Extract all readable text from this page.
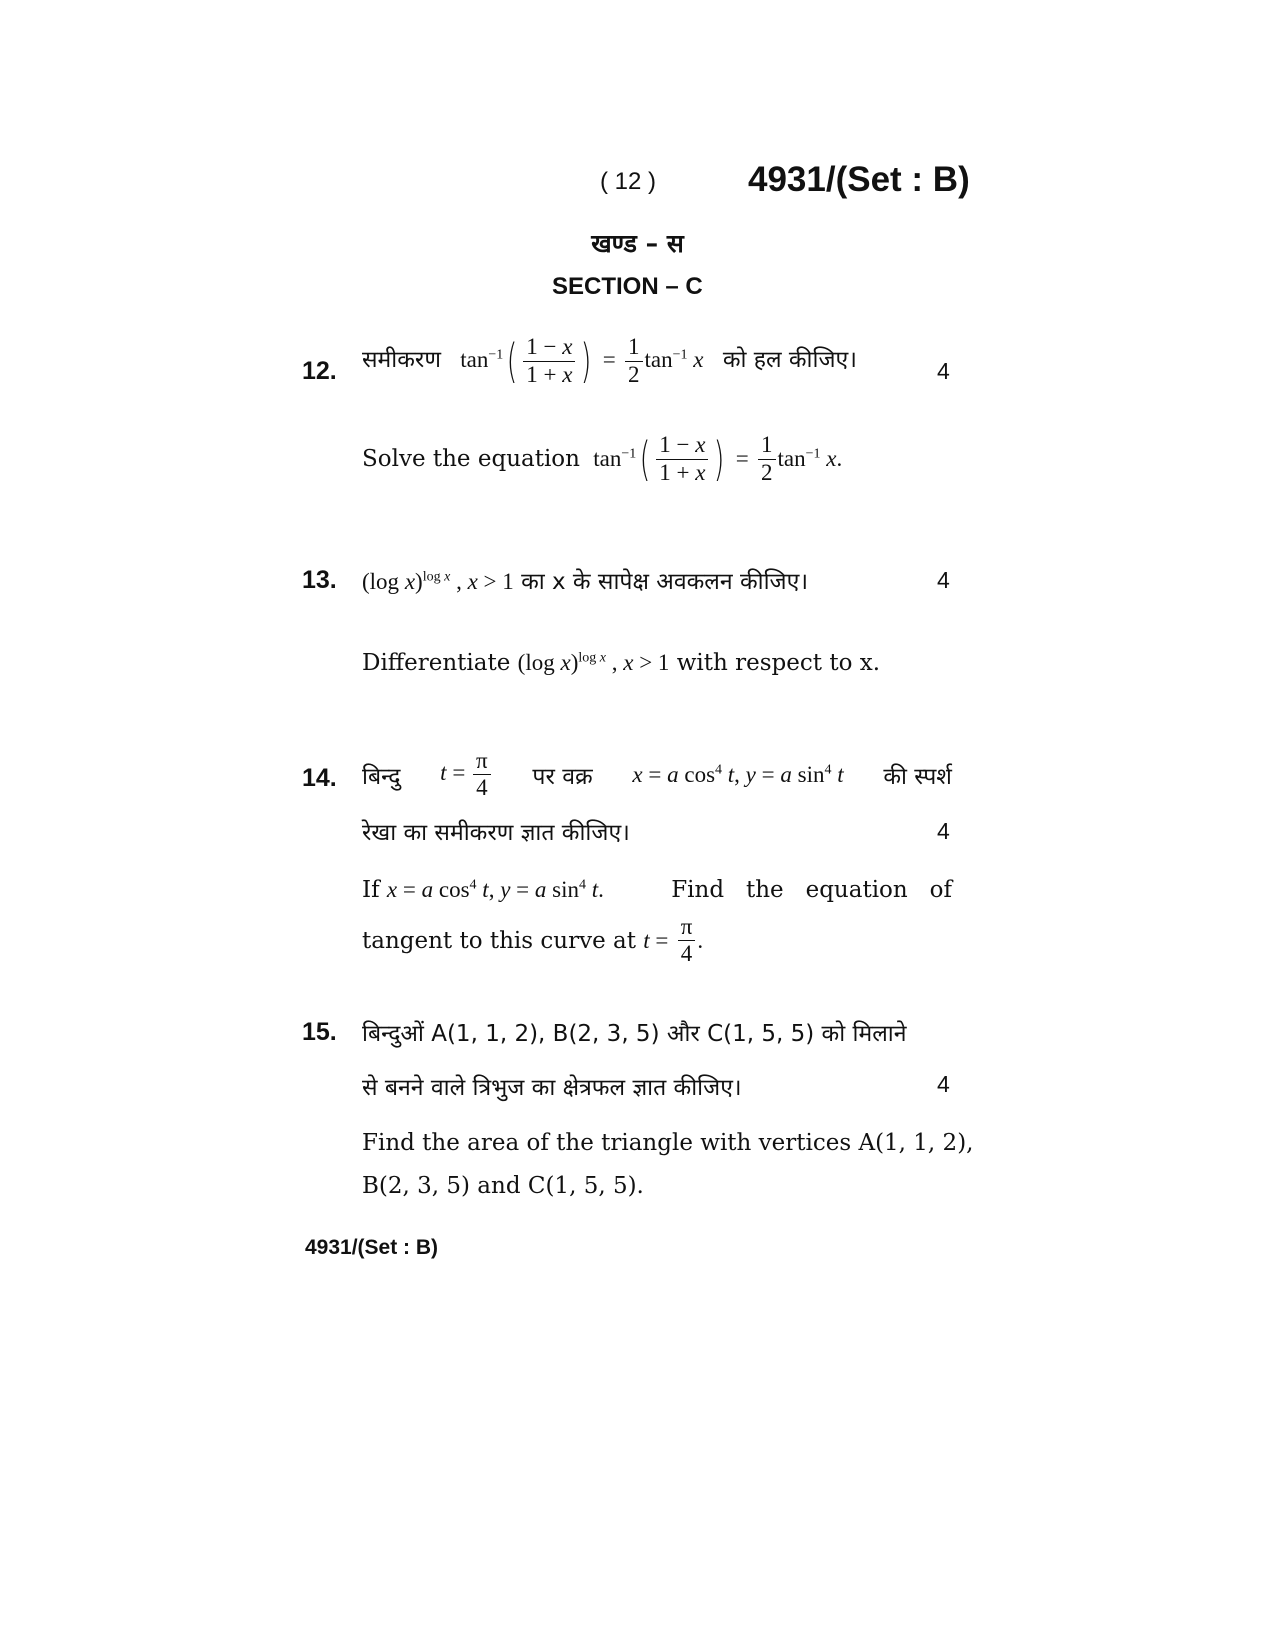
( 12 )	4931/(Set : B)
खण्ड – स
SECTION – C
12. समीकरण $\tan^{-1}( \frac{1 - x}{1 + x}$ ) = $\frac{1}{2} \tan^{-1} x$ को हल कीजिए।	4
Solve the equation $\tan^{-1}( \frac{1 - x}{1 + x}$ ) = $\frac{1}{2} \tan^{-1} x$.
13. (log x)$^{log x}$ , x > 1 का x के सापेक्ष अवकलन कीजिए।	4
Differentiate (log x)$^{log x}$ , x > 1 with respect to x.
14. बिन्दु $t = \frac{\pi}{4}$ पर वक्र x = a $\cos^4 t$, y = a $\sin^4 t$ की स्पर्श
रेखा का समीकरण ज्ञात कीजिए।	4
If x = a $\cos^4 t$, y = a $\sin^4 t$.	Find   the   equation   of
tangent to this curve at $t = \frac{\pi}{4}$ .
15. बिन्दुओं A(1, 1, 2), B(2, 3, 5) और C(1, 5, 5) को मिलाने
से बनने वाले त्रिभुज का क्षेत्रफल ज्ञात कीजिए।	4
Find the area of the triangle with vertices A(1, 1, 2),
B(2, 3, 5) and C(1, 5, 5).
4931/(Set : B)
